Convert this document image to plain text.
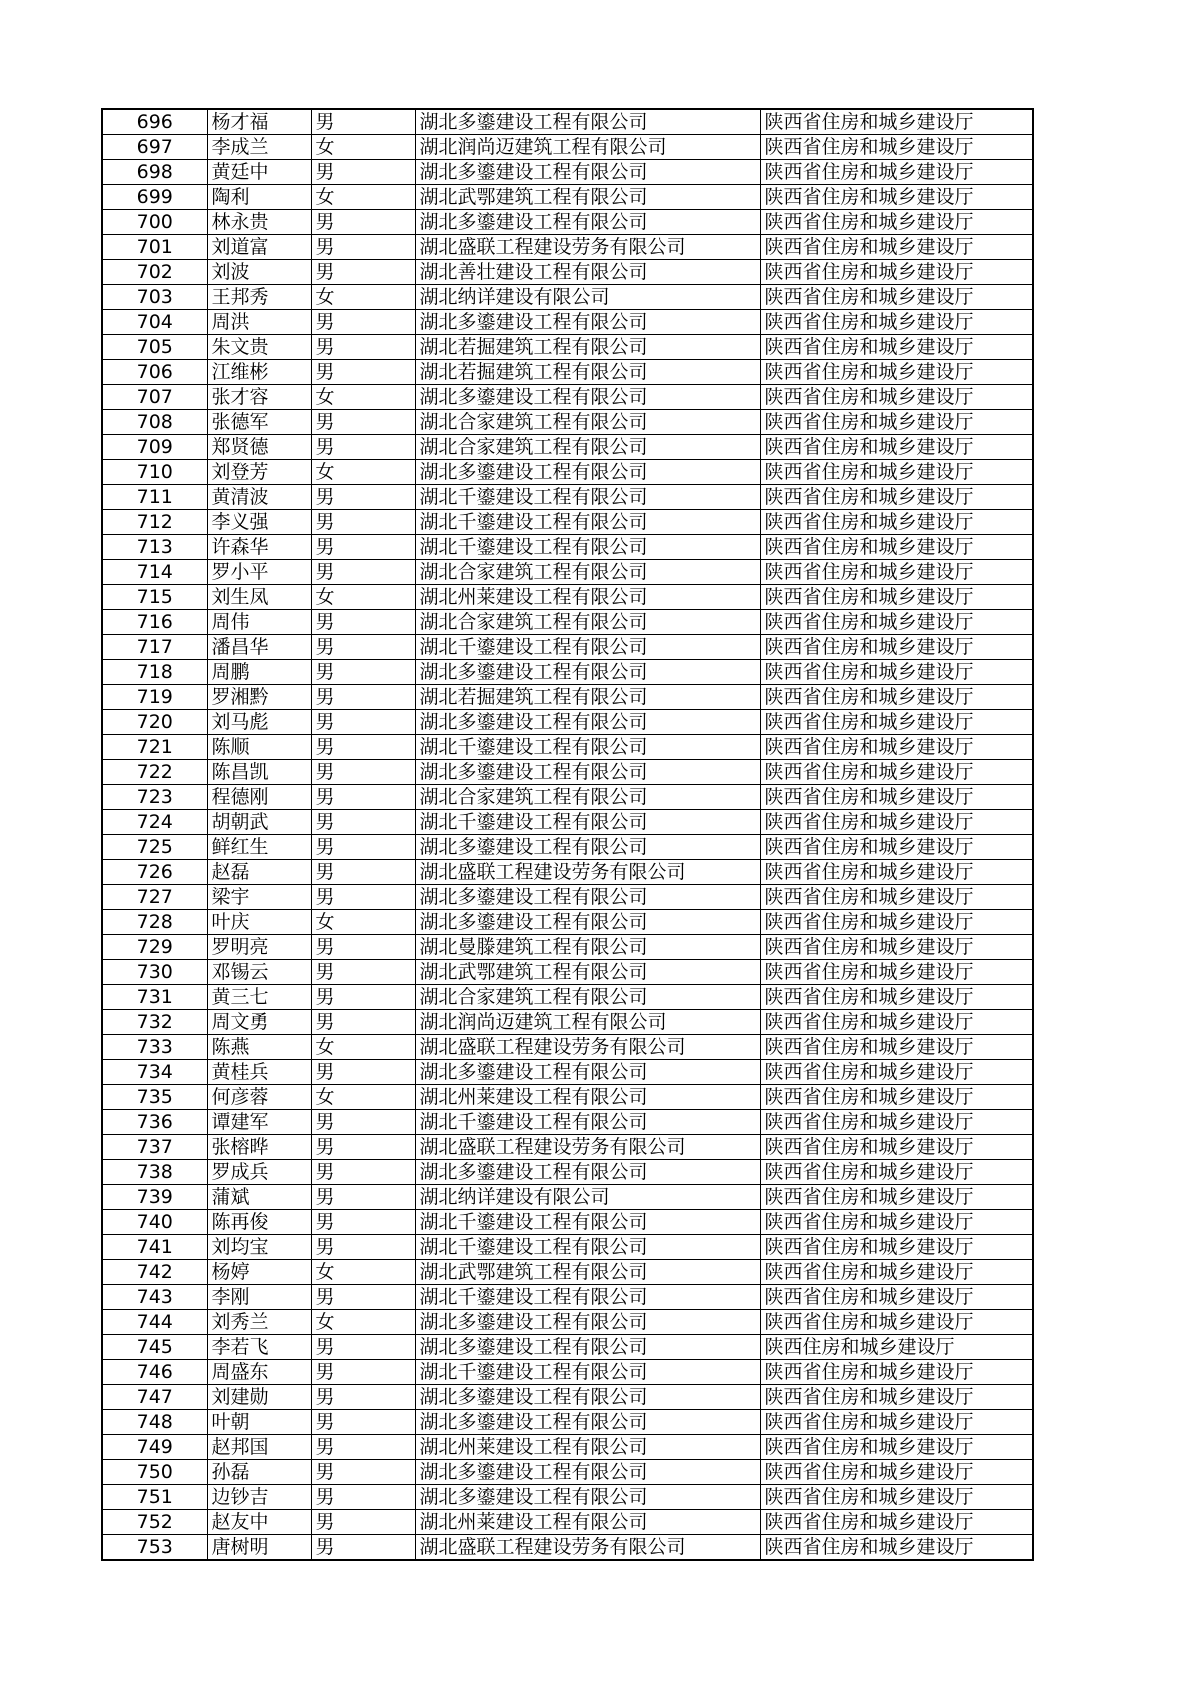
696	杨才福	男	湖北多鎏建设工程有限公司	陕西省住房和城乡建设厅
697	李成兰	女	湖北润尚迈建筑工程有限公司	陕西省住房和城乡建设厅
698	黄廷中	男	湖北多鎏建设工程有限公司	陕西省住房和城乡建设厅
699	陶利	女	湖北武鄂建筑工程有限公司	陕西省住房和城乡建设厅
700	林永贵	男	湖北多鎏建设工程有限公司	陕西省住房和城乡建设厅
701	刘道富	男	湖北盛联工程建设劳务有限公司	陕西省住房和城乡建设厅
702	刘波	男	湖北善壮建设工程有限公司	陕西省住房和城乡建设厅
703	王邦秀	女	湖北纳详建设有限公司	陕西省住房和城乡建设厅
704	周洪	男	湖北多鎏建设工程有限公司	陕西省住房和城乡建设厅
705	朱文贵	男	湖北若掘建筑工程有限公司	陕西省住房和城乡建设厅
706	江维彬	男	湖北若掘建筑工程有限公司	陕西省住房和城乡建设厅
707	张才容	女	湖北多鎏建设工程有限公司	陕西省住房和城乡建设厅
708	张德军	男	湖北合家建筑工程有限公司	陕西省住房和城乡建设厅
709	郑贤德	男	湖北合家建筑工程有限公司	陕西省住房和城乡建设厅
710	刘登芳	女	湖北多鎏建设工程有限公司	陕西省住房和城乡建设厅
711	黄清波	男	湖北千鎏建设工程有限公司	陕西省住房和城乡建设厅
712	李义强	男	湖北千鎏建设工程有限公司	陕西省住房和城乡建设厅
713	许森华	男	湖北千鎏建设工程有限公司	陕西省住房和城乡建设厅
714	罗小平	男	湖北合家建筑工程有限公司	陕西省住房和城乡建设厅
715	刘生凤	女	湖北州莱建设工程有限公司	陕西省住房和城乡建设厅
716	周伟	男	湖北合家建筑工程有限公司	陕西省住房和城乡建设厅
717	潘昌华	男	湖北千鎏建设工程有限公司	陕西省住房和城乡建设厅
718	周鹏	男	湖北多鎏建设工程有限公司	陕西省住房和城乡建设厅
719	罗湘黔	男	湖北若掘建筑工程有限公司	陕西省住房和城乡建设厅
720	刘马彪	男	湖北多鎏建设工程有限公司	陕西省住房和城乡建设厅
721	陈顺	男	湖北千鎏建设工程有限公司	陕西省住房和城乡建设厅
722	陈昌凯	男	湖北多鎏建设工程有限公司	陕西省住房和城乡建设厅
723	程德刚	男	湖北合家建筑工程有限公司	陕西省住房和城乡建设厅
724	胡朝武	男	湖北千鎏建设工程有限公司	陕西省住房和城乡建设厅
725	鲜红生	男	湖北多鎏建设工程有限公司	陕西省住房和城乡建设厅
726	赵磊	男	湖北盛联工程建设劳务有限公司	陕西省住房和城乡建设厅
727	梁宇	男	湖北多鎏建设工程有限公司	陕西省住房和城乡建设厅
728	叶庆	女	湖北多鎏建设工程有限公司	陕西省住房和城乡建设厅
729	罗明亮	男	湖北曼滕建筑工程有限公司	陕西省住房和城乡建设厅
730	邓锡云	男	湖北武鄂建筑工程有限公司	陕西省住房和城乡建设厅
731	黄三七	男	湖北合家建筑工程有限公司	陕西省住房和城乡建设厅
732	周文勇	男	湖北润尚迈建筑工程有限公司	陕西省住房和城乡建设厅
733	陈燕	女	湖北盛联工程建设劳务有限公司	陕西省住房和城乡建设厅
734	黄桂兵	男	湖北多鎏建设工程有限公司	陕西省住房和城乡建设厅
735	何彦蓉	女	湖北州莱建设工程有限公司	陕西省住房和城乡建设厅
736	谭建军	男	湖北千鎏建设工程有限公司	陕西省住房和城乡建设厅
737	张榕晔	男	湖北盛联工程建设劳务有限公司	陕西省住房和城乡建设厅
738	罗成兵	男	湖北多鎏建设工程有限公司	陕西省住房和城乡建设厅
739	蒲斌	男	湖北纳详建设有限公司	陕西省住房和城乡建设厅
740	陈再俊	男	湖北千鎏建设工程有限公司	陕西省住房和城乡建设厅
741	刘均宝	男	湖北千鎏建设工程有限公司	陕西省住房和城乡建设厅
742	杨婷	女	湖北武鄂建筑工程有限公司	陕西省住房和城乡建设厅
743	李刚	男	湖北千鎏建设工程有限公司	陕西省住房和城乡建设厅
744	刘秀兰	女	湖北多鎏建设工程有限公司	陕西省住房和城乡建设厅
745	李若飞	男	湖北多鎏建设工程有限公司	陕西住房和城乡建设厅
746	周盛东	男	湖北千鎏建设工程有限公司	陕西省住房和城乡建设厅
747	刘建勋	男	湖北多鎏建设工程有限公司	陕西省住房和城乡建设厅
748	叶朝	男	湖北多鎏建设工程有限公司	陕西省住房和城乡建设厅
749	赵邦国	男	湖北州莱建设工程有限公司	陕西省住房和城乡建设厅
750	孙磊	男	湖北多鎏建设工程有限公司	陕西省住房和城乡建设厅
751	边钞吉	男	湖北多鎏建设工程有限公司	陕西省住房和城乡建设厅
752	赵友中	男	湖北州莱建设工程有限公司	陕西省住房和城乡建设厅
753	唐树明	男	湖北盛联工程建设劳务有限公司	陕西省住房和城乡建设厅
